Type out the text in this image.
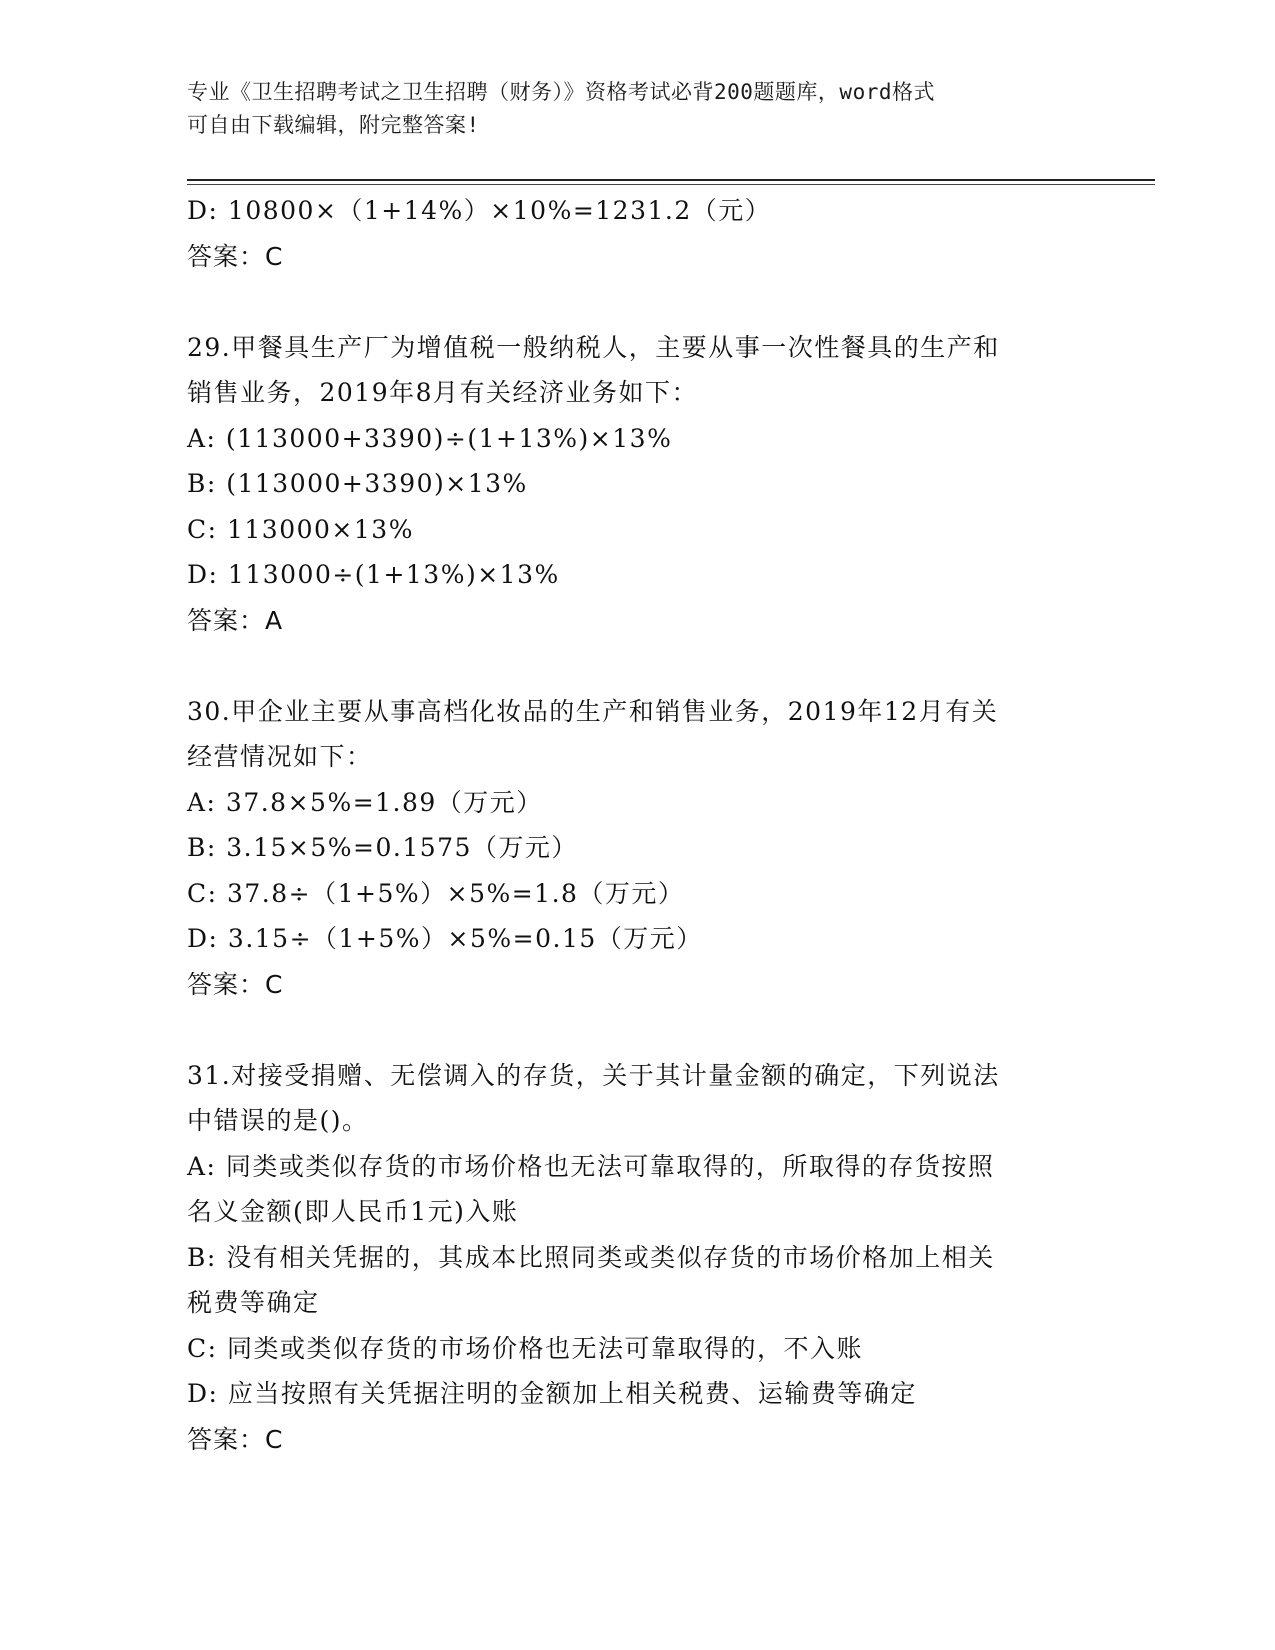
专业《卫生招聘考试之卫生招聘（财务）》资格考试必背200题题库，word格式
可自由下载编辑，附完整答案!
D: 10800×（1+14%）×10%=1231.2（元）
答案：C
29.甲餐具生产厂为增值税一般纳税人，主要从事一次性餐具的生产和
销售业务，2019年8月有关经济业务如下：
A: (113000+3390)÷(1+13%)×13%
B: (113000+3390)×13%
C: 113000×13%
D: 113000÷(1+13%)×13%
答案：A
30.甲企业主要从事高档化妆品的生产和销售业务，2019年12月有关
经营情况如下：
A: 37.8×5%=1.89（万元）
B: 3.15×5%=0.1575（万元）
C: 37.8÷（1+5%）×5%=1.8（万元）
D: 3.15÷（1+5%）×5%=0.15（万元）
答案：C
31.对接受捐赠、无偿调入的存货，关于其计量金额的确定，下列说法
中错误的是()。
A: 同类或类似存货的市场价格也无法可靠取得的，所取得的存货按照
名义金额(即人民币1元)入账
B: 没有相关凭据的，其成本比照同类或类似存货的市场价格加上相关
税费等确定
C: 同类或类似存货的市场价格也无法可靠取得的，不入账
D: 应当按照有关凭据注明的金额加上相关税费、运输费等确定
答案：C
